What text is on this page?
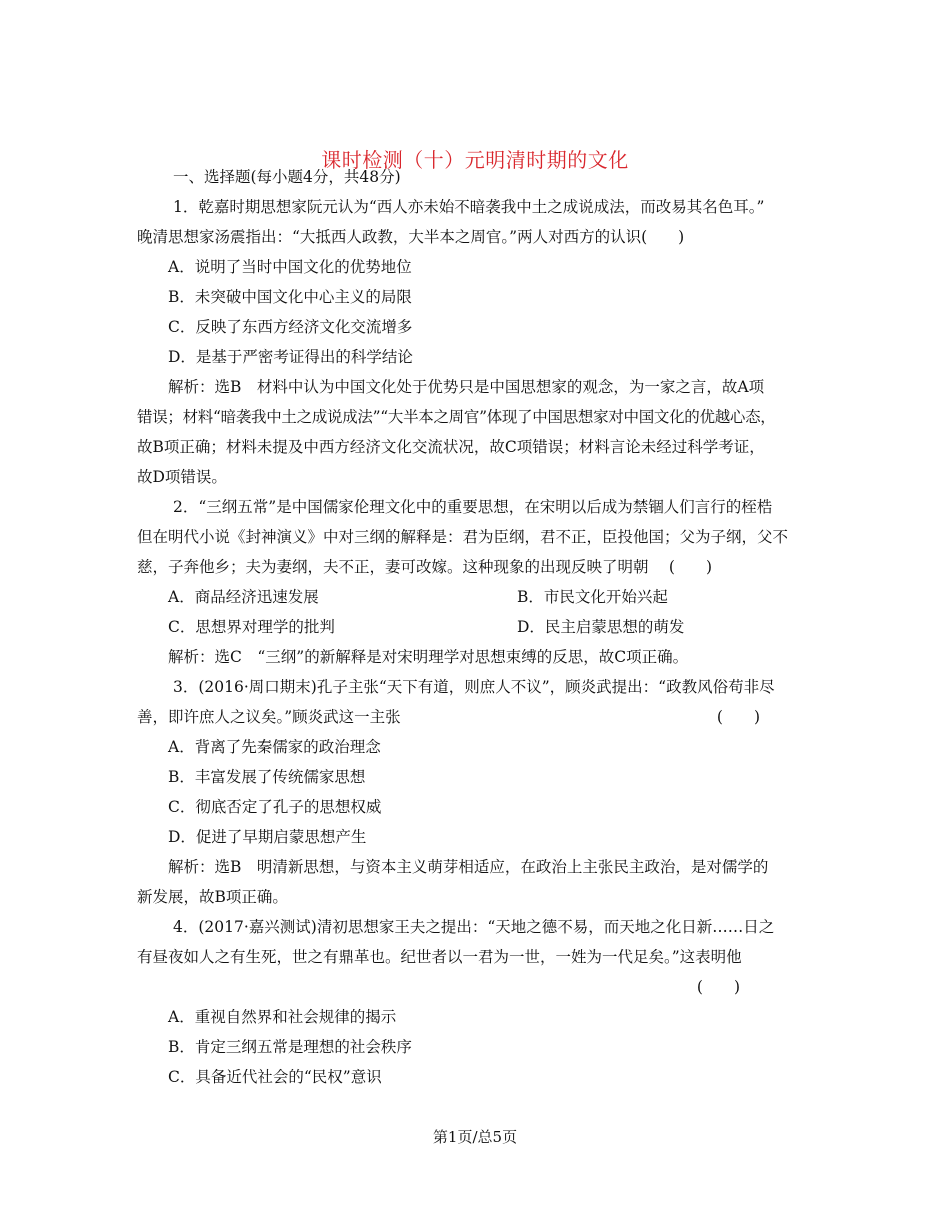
课时检测（十）元明清时期的文化
一、选择题(每小题4分，共48分)
1．乾嘉时期思想家阮元认为“西人亦未始不暗袭我中土之成说成法，而改易其名色耳。”
晚清思想家汤震指出：“大抵西人政教，大半本之周官。”两人对西方的认识(　　)
A．说明了当时中国文化的优势地位
B．未突破中国文化中心主义的局限
C．反映了东西方经济文化交流增多
D．是基于严密考证得出的科学结论
解析：选B　材料中认为中国文化处于优势只是中国思想家的观念，为一家之言，故A项
错误；材料“暗袭我中土之成说成法”“大半本之周官”体现了中国思想家对中国文化的优越心态，
故B项正确；材料未提及中西方经济文化交流状况，故C项错误；材料言论未经过科学考证，
故D项错误。
2．“三纲五常”是中国儒家伦理文化中的重要思想，在宋明以后成为禁锢人们言行的桎梏
但在明代小说《封神演义》中对三纲的解释是：君为臣纲，君不正，臣投他国；父为子纲，父不
慈，子奔他乡；夫为妻纲，夫不正，妻可改嫁。这种现象的出现反映了明朝　 (　　)
A．商品经济迅速发展	B．市民文化开始兴起
C．思想界对理学的批判	D．民主启蒙思想的萌发
解析：选C　“三纲”的新解释是对宋明理学对思想束缚的反思，故C项正确。
3．(2016·周口期末)孔子主张“天下有道，则庶人不议”，顾炎武提出：“政教风俗苟非尽
善，即许庶人之议矣。”顾炎武这一主张	(　　)
A．背离了先秦儒家的政治理念
B．丰富发展了传统儒家思想
C．彻底否定了孔子的思想权威
D．促进了早期启蒙思想产生
解析：选B　明清新思想，与资本主义萌芽相适应，在政治上主张民主政治，是对儒学的
新发展，故B项正确。
4．(2017·嘉兴测试)清初思想家王夫之提出：“天地之德不易，而天地之化日新……日之
有昼夜如人之有生死，世之有鼎革也。纪世者以一君为一世，一姓为一代足矣。”这表明他
(　　)
A．重视自然界和社会规律的揭示
B．肯定三纲五常是理想的社会秩序
C．具备近代社会的“民权”意识
第1页/总5页
